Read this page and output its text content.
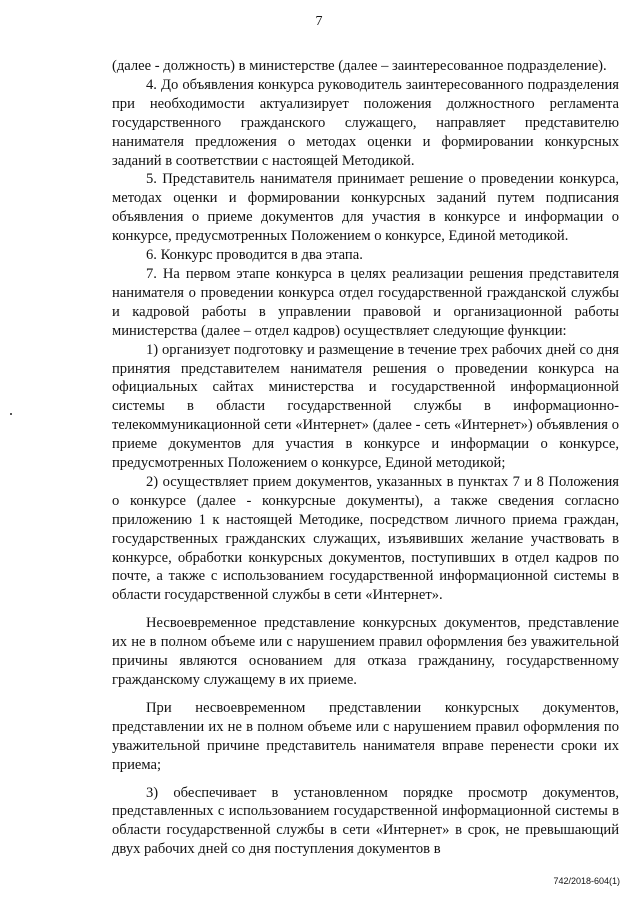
7

(далее - должность) в министерстве (далее – заинтересованное подразделение).

4. До объявления конкурса руководитель заинтересованного подразделения при необходимости актуализирует положения должностного регламента государственного гражданского служащего, направляет представителю нанимателя предложения о методах оценки и формировании конкурсных заданий в соответствии с настоящей Методикой.

5. Представитель нанимателя принимает решение о проведении конкурса, методах оценки и формировании конкурсных заданий путем подписания объявления о приеме документов для участия в конкурсе и информации о конкурсе, предусмотренных Положением о конкурсе, Единой методикой.

6. Конкурс проводится в два этапа.

7. На первом этапе конкурса в целях реализации решения представителя нанимателя о проведении конкурса отдел государственной гражданской службы и кадровой работы в управлении правовой и организационной работы министерства (далее – отдел кадров) осуществляет следующие функции:

1) организует подготовку и размещение в течение трех рабочих дней со дня принятия представителем нанимателя решения о проведении конкурса на официальных сайтах министерства и государственной информационной системы в области государственной службы в информационно-телекоммуникационной сети «Интернет» (далее - сеть «Интернет») объявления о приеме документов для участия в конкурсе и информации о конкурсе, предусмотренных Положением о конкурсе, Единой методикой;

2) осуществляет прием документов, указанных в пунктах 7 и 8 Положения о конкурсе (далее - конкурсные документы), а также сведения согласно приложению 1 к настоящей Методике, посредством личного приема граждан, государственных гражданских служащих, изъявивших желание участвовать в конкурсе, обработки конкурсных документов, поступивших в отдел кадров по почте, а также с использованием государственной информационной системы в области государственной службы в сети «Интернет».

Несвоевременное представление конкурсных документов, представление их не в полном объеме или с нарушением правил оформления без уважительной причины являются основанием для отказа гражданину, государственному гражданскому служащему в их приеме.

При несвоевременном представлении конкурсных документов, представлении их не в полном объеме или с нарушением правил оформления по уважительной причине представитель нанимателя вправе перенести сроки их приема;

3) обеспечивает в установленном порядке просмотр документов, представленных с использованием государственной информационной системы в области государственной службы в сети «Интернет» в срок, не превышающий двух рабочих дней со дня поступления документов в

742/2018-604(1)
